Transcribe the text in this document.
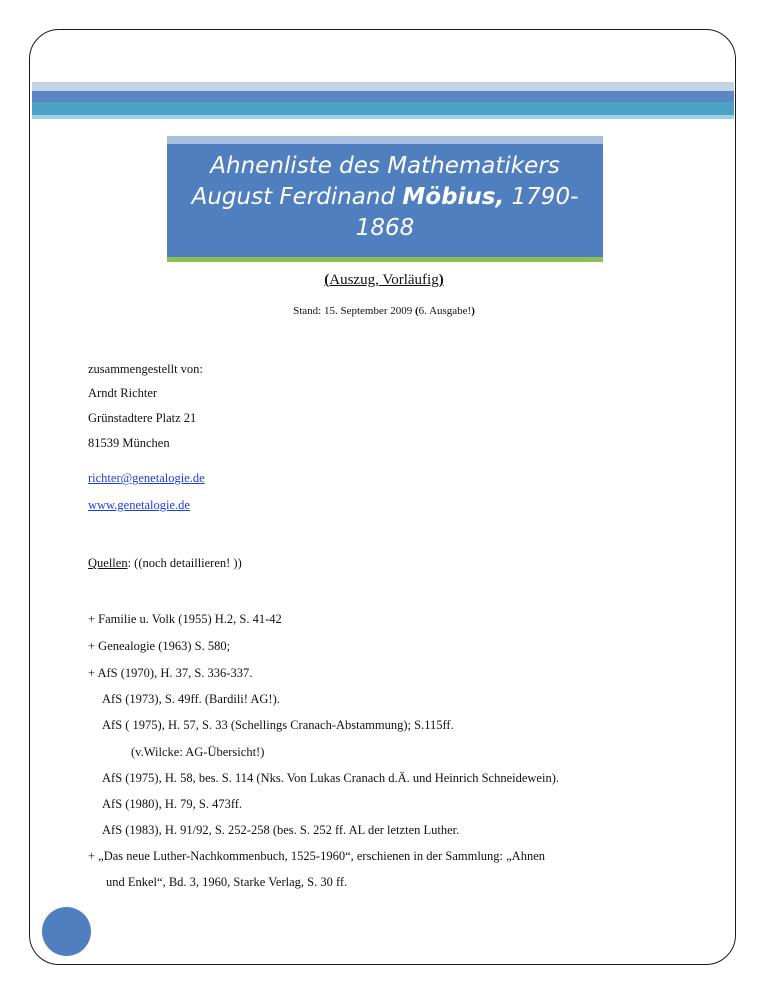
Ahnenliste des Mathematikers
August Ferdinand Möbius, 1790-
1868
(Auszug, Vorläufig)
Stand: 15. September 2009 (6. Ausgabe!)
zusammengestellt von:
Arndt Richter
Grünstadtere Platz 21
81539 München
richter@genetalogie.de
www.genetalogie.de
Quellen: ((noch detaillieren! ))
+ Familie u. Volk (1955) H.2, S. 41-42
+ Genealogie (1963) S. 580;
+ AfS (1970), H. 37, S. 336-337.
AfS (1973), S. 49ff. (Bardili! AG!).
AfS ( 1975), H. 57, S. 33 (Schellings Cranach-Abstammung); S.115ff.
(v.Wilcke: AG-Übersicht!)
AfS (1975), H. 58, bes. S. 114 (Nks. Von Lukas Cranach d.Ä. und Heinrich Schneidewein).
AfS (1980), H. 79, S. 473ff.
AfS (1983), H. 91/92, S. 252-258 (bes. S. 252 ff. AL der letzten Luther.
+ „Das neue Luther-Nachkommenbuch, 1525-1960“, erschienen in der Sammlung: „Ahnen
und Enkel“, Bd. 3, 1960, Starke Verlag, S. 30 ff.
